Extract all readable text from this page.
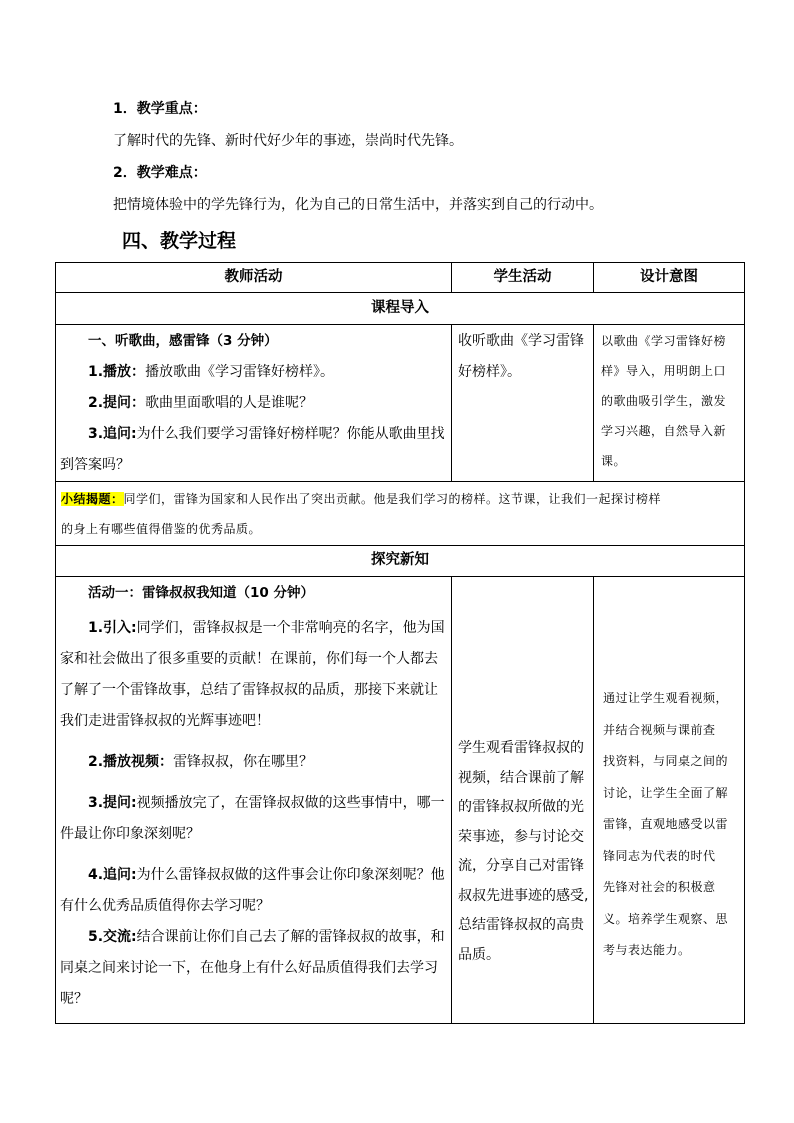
1．教学重点：
了解时代的先锋、新时代好少年的事迹，崇尚时代先锋。
2．教学难点：
把情境体验中的学先锋行为，化为自己的日常生活中，并落实到自己的行动中。
四、教学过程
教师活动	学生活动	设计意图
课程导入
一、听歌曲，感雷锋（3 分钟）
1.播放：播放歌曲《学习雷锋好榜样》。
2.提问：歌曲里面歌唱的人是谁呢？
3.追问:为什么我们要学习雷锋好榜样呢？你能从歌曲里找
到答案吗？
收听歌曲《学习雷锋
好榜样》。
以歌曲《学习雷锋好榜
样》导入，用明朗上口
的歌曲吸引学生，激发
学习兴趣，自然导入新
课。
小结揭题：同学们，雷锋为国家和人民作出了突出贡献。他是我们学习的榜样。这节课，让我们一起探讨榜样
的身上有哪些值得借鉴的优秀品质。
探究新知
活动一：雷锋叔叔我知道（10 分钟）
1.引入:同学们，雷锋叔叔是一个非常响亮的名字，他为国
家和社会做出了很多重要的贡献！在课前，你们每一个人都去
了解了一个雷锋故事，总结了雷锋叔叔的品质，那接下来就让
我们走进雷锋叔叔的光辉事迹吧！
2.播放视频：雷锋叔叔，你在哪里？
3.提问:视频播放完了，在雷锋叔叔做的这些事情中，哪一
件最让你印象深刻呢？
4.追问:为什么雷锋叔叔做的这件事会让你印象深刻呢？他
有什么优秀品质值得你去学习呢？
5.交流:结合课前让你们自己去了解的雷锋叔叔的故事，和
同桌之间来讨论一下，在他身上有什么好品质值得我们去学习
呢？
学生观看雷锋叔叔的
视频，结合课前了解
的雷锋叔叔所做的光
荣事迹，参与讨论交
流，分享自己对雷锋
叔叔先进事迹的感受,
总结雷锋叔叔的高贵
品质。
通过让学生观看视频，
并结合视频与课前查
找资料，与同桌之间的
讨论，让学生全面了解
雷锋，直观地感受以雷
锋同志为代表的时代
先锋对社会的积极意
义。培养学生观察、思
考与表达能力。
